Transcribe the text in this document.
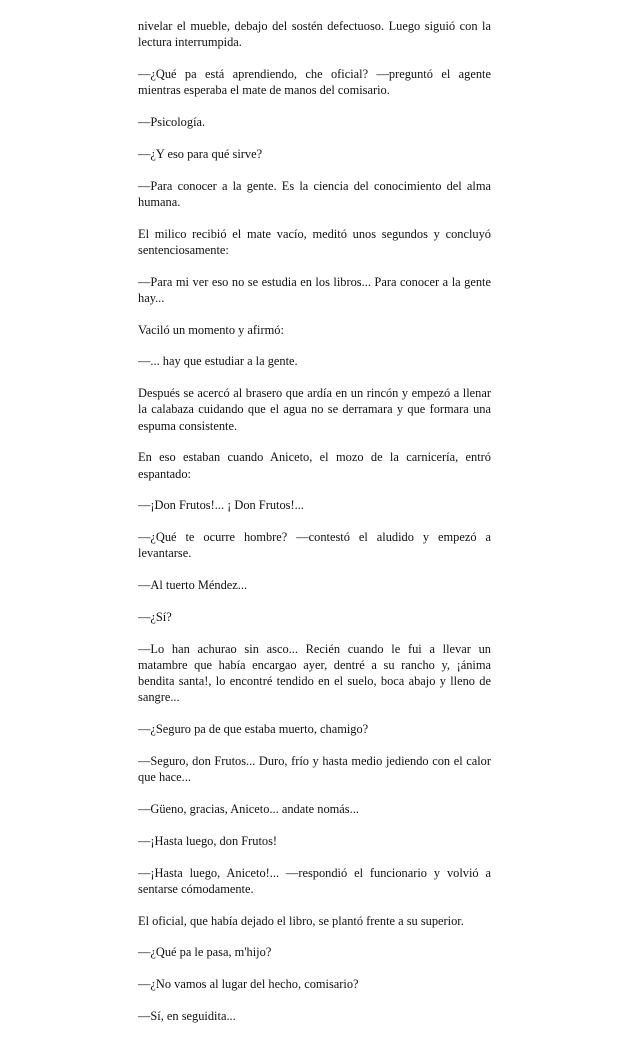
nivelar el mueble, debajo del sostén defectuoso. Luego siguió con la lectura interrumpida.

—¿Qué pa está aprendiendo, che oficial? —preguntó el agente mientras esperaba el mate de manos del comisario.

—Psicología.

—¿Y eso para qué sirve?

—Para conocer a la gente. Es la ciencia del conocimiento del alma humana.

El milico recibió el mate vacío, meditó unos segundos y concluyó sentenciosamente:

—Para mi ver eso no se estudia en los libros... Para conocer a la gente hay...

Vaciló un momento y afirmó:

—... hay que estudiar a la gente.

Después se acercó al brasero que ardía en un rincón y empezó a llenar la calabaza cuidando que el agua no se derramara y que formara una espuma consistente.

En eso estaban cuando Aniceto, el mozo de la carnicería, entró espantado:

—¡Don Frutos!... ¡ Don Frutos!...

—¿Qué te ocurre hombre? —contestó el aludido y empezó a levantarse.

—Al tuerto Méndez...

—¿Sí?

—Lo han achurao sin asco... Recién cuando le fui a llevar un matambre que había encargao ayer, dentré a su rancho y, ¡ánima bendita santa!, lo encontré tendido en el suelo, boca abajo y lleno de sangre...

—¿Seguro pa de que estaba muerto, chamigo?

—Seguro, don Frutos... Duro, frío y hasta medio jediendo con el calor que hace...

—Güeno, gracias, Aniceto... andate nomás...

—¡Hasta luego, don Frutos!

—¡Hasta luego, Aniceto!... —respondió el funcionario y volvió a sentarse cómodamente.

El oficial, que había dejado el libro, se plantó frente a su superior.

—¿Qué pa le pasa, m'hijo?

—¿No vamos al lugar del hecho, comisario?

—Sí, en seguidita...
